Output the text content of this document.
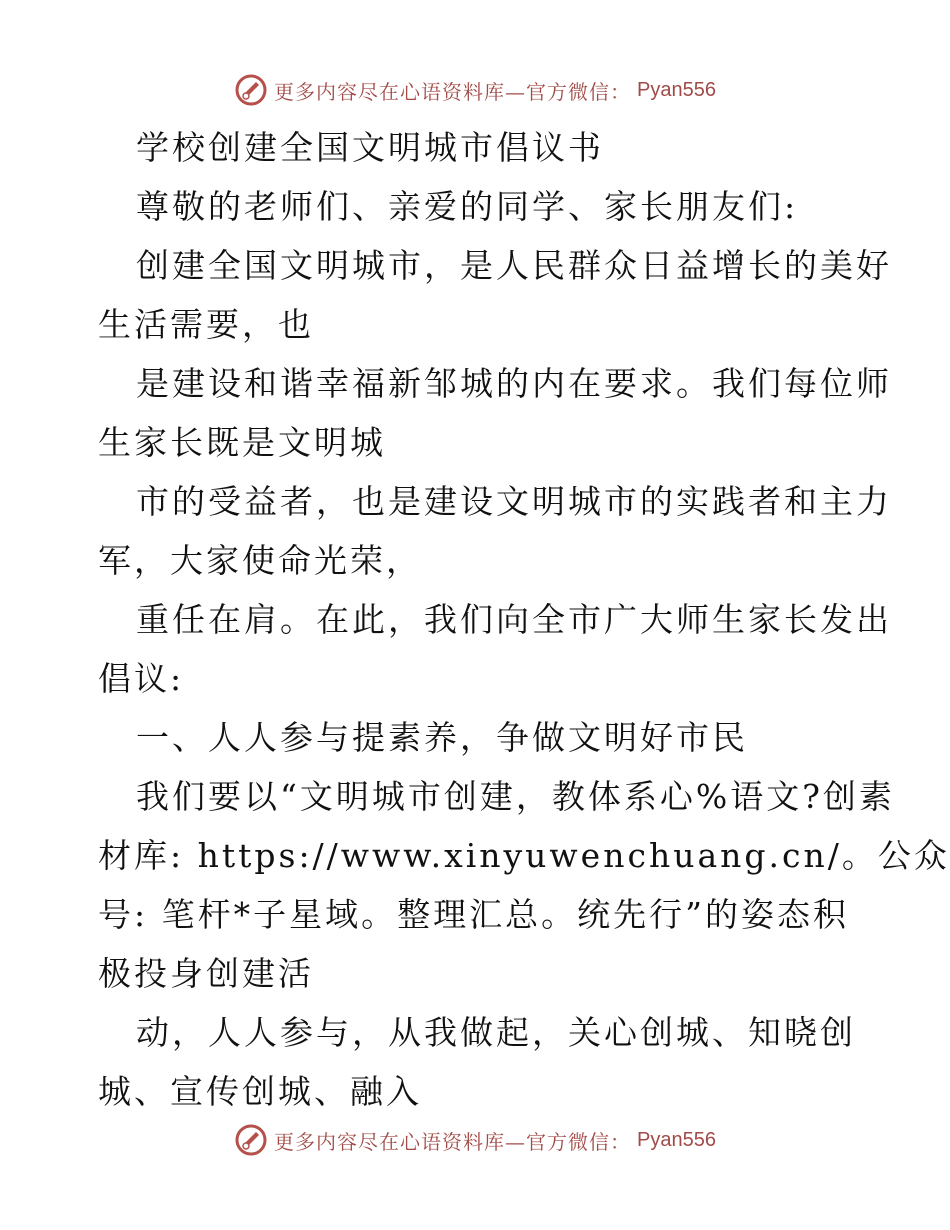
更多内容尽在心语资料库—官方微信： Pyan556
学校创建全国文明城市倡议书
尊敬的老师们、亲爱的同学、家长朋友们:
创建全国文明城市，是人民群众日益增长的美好
生活需要，也
是建设和谐幸福新邹城的内在要求。我们每位师
生家长既是文明城
市的受益者，也是建设文明城市的实践者和主力
军，大家使命光荣，
重任在肩。在此，我们向全市广大师生家长发出
倡议:
一、人人参与提素养，争做文明好市民
我们要以“文明城市创建，教体系心%语文?创素
材库: https://www.xinyuwenchuang.cn/。公众
号: 笔杆*子星域。整理汇总。统先行”的姿态积
极投身创建活
动，人人参与，从我做起，关心创城、知晓创
城、宣传创城、融入
更多内容尽在心语资料库—官方微信： Pyan556
